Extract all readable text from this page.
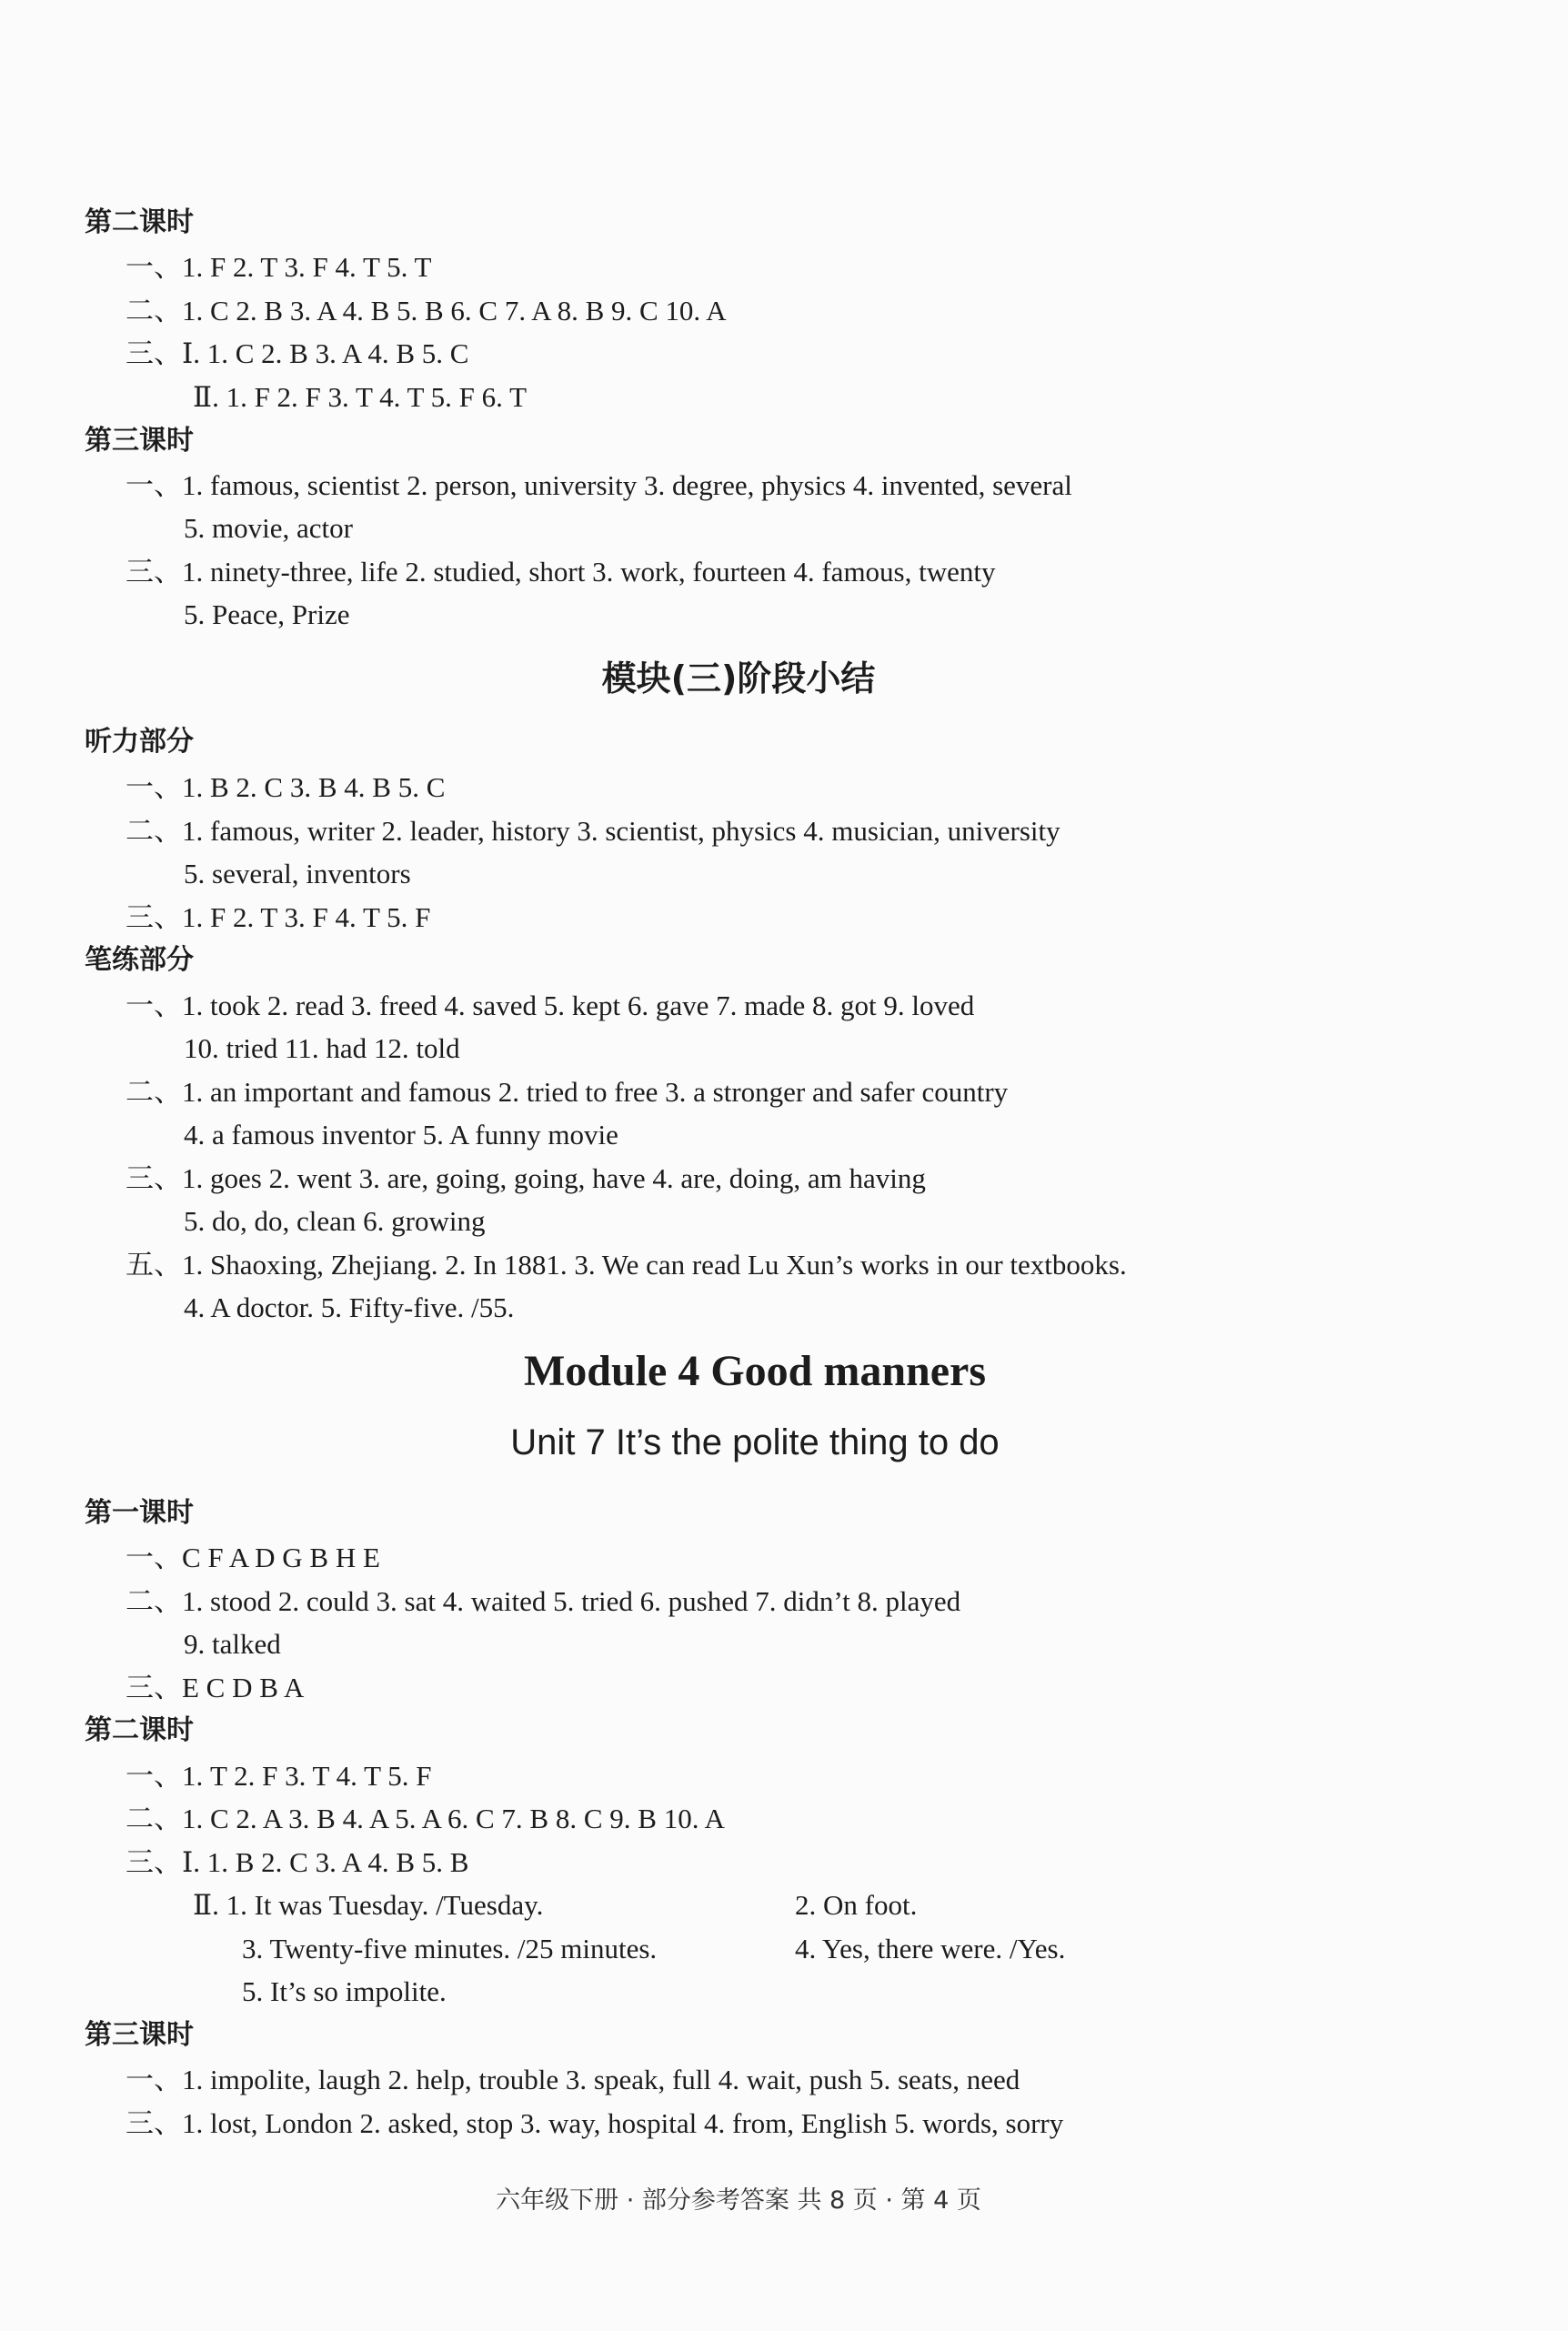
第二课时
一、1. F 2. T 3. F 4. T 5. T
二、1. C 2. B 3. A 4. B 5. B 6. C 7. A 8. B 9. C 10. A
三、Ⅰ. 1. C 2. B 3. A 4. B 5. C
Ⅱ. 1. F 2. F 3. T 4. T 5. F 6. T
第三课时
一、1. famous, scientist 2. person, university 3. degree, physics 4. invented, several
5. movie, actor
三、1. ninety-three, life 2. studied, short 3. work, fourteen 4. famous, twenty
5. Peace, Prize
模块(三)阶段小结
听力部分
一、1. B 2. C 3. B 4. B 5. C
二、1. famous, writer 2. leader, history 3. scientist, physics 4. musician, university
5. several, inventors
三、1. F 2. T 3. F 4. T 5. F
笔练部分
一、1. took 2. read 3. freed 4. saved 5. kept 6. gave 7. made 8. got 9. loved
10. tried 11. had 12. told
二、1. an important and famous 2. tried to free 3. a stronger and safer country
4. a famous inventor 5. A funny movie
三、1. goes 2. went 3. are, going, going, have 4. are, doing, am having
5. do, do, clean 6. growing
五、1. Shaoxing, Zhejiang. 2. In 1881. 3. We can read Lu Xun’s works in our textbooks.
4. A doctor. 5. Fifty-five. /55.
Module 4 Good manners
Unit 7 It’s the polite thing to do
第一课时
一、C F A D G B H E
二、1. stood 2. could 3. sat 4. waited 5. tried 6. pushed 7. didn’t 8. played
9. talked
三、E C D B A
第二课时
一、1. T 2. F 3. T 4. T 5. F
二、1. C 2. A 3. B 4. A 5. A 6. C 7. B 8. C 9. B 10. A
三、Ⅰ. 1. B 2. C 3. A 4. B 5. B
Ⅱ. 1. It was Tuesday. /Tuesday.	2. On foot.
3. Twenty-five minutes. /25 minutes.	4. Yes, there were. /Yes.
5. It’s so impolite.
第三课时
一、1. impolite, laugh 2. help, trouble 3. speak, full 4. wait, push 5. seats, need
三、1. lost, London 2. asked, stop 3. way, hospital 4. from, English 5. words, sorry
六年级下册 · 部分参考答案 共 8 页 · 第 4 页
